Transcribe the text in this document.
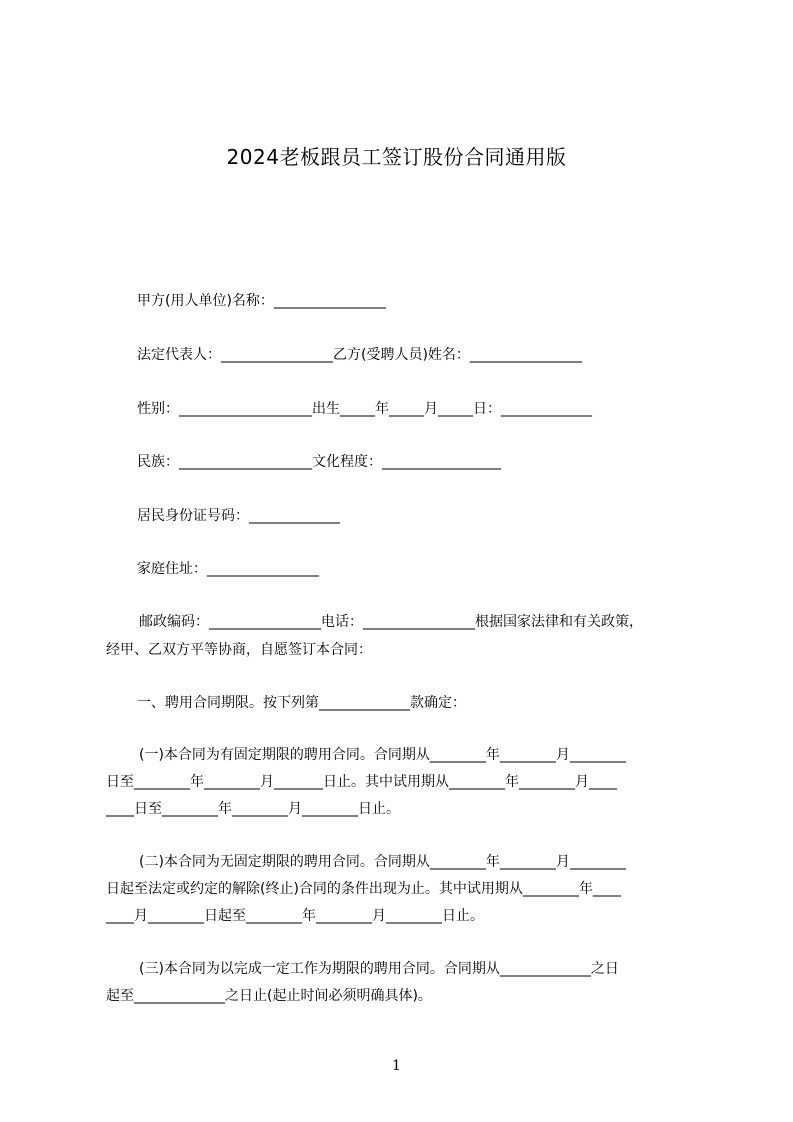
2024老板跟员工签订股份合同通用版
甲方(用人单位)名称：________________
法定代表人：________________乙方(受聘人员)姓名：________________
性别：___________________出生_____年_____月_____日：_____________
民族：___________________文化程度：_________________
居民身份证号码：_____________
家庭住址：________________
邮政编码：________________电话：________________根据国家法律和有关政策，
经甲、乙双方平等协商，自愿签订本合同：
一、聘用合同期限。按下列第_____________款确定：
(一)本合同为有固定期限的聘用合同。合同期从________年________月________
日至________年________月_______日止。其中试用期从________年________月____
____日至________年________月________日止。
(二)本合同为无固定期限的聘用合同。合同期从________年________月________
日起至法定或约定的解除(终止)合同的条件出现为止。其中试用期从________年____
____月________日起至________年________月________日止。
(三)本合同为以完成一定工作为期限的聘用合同。合同期从_____________之日
起至_____________之日止(起止时间必须明确具体)。
1
